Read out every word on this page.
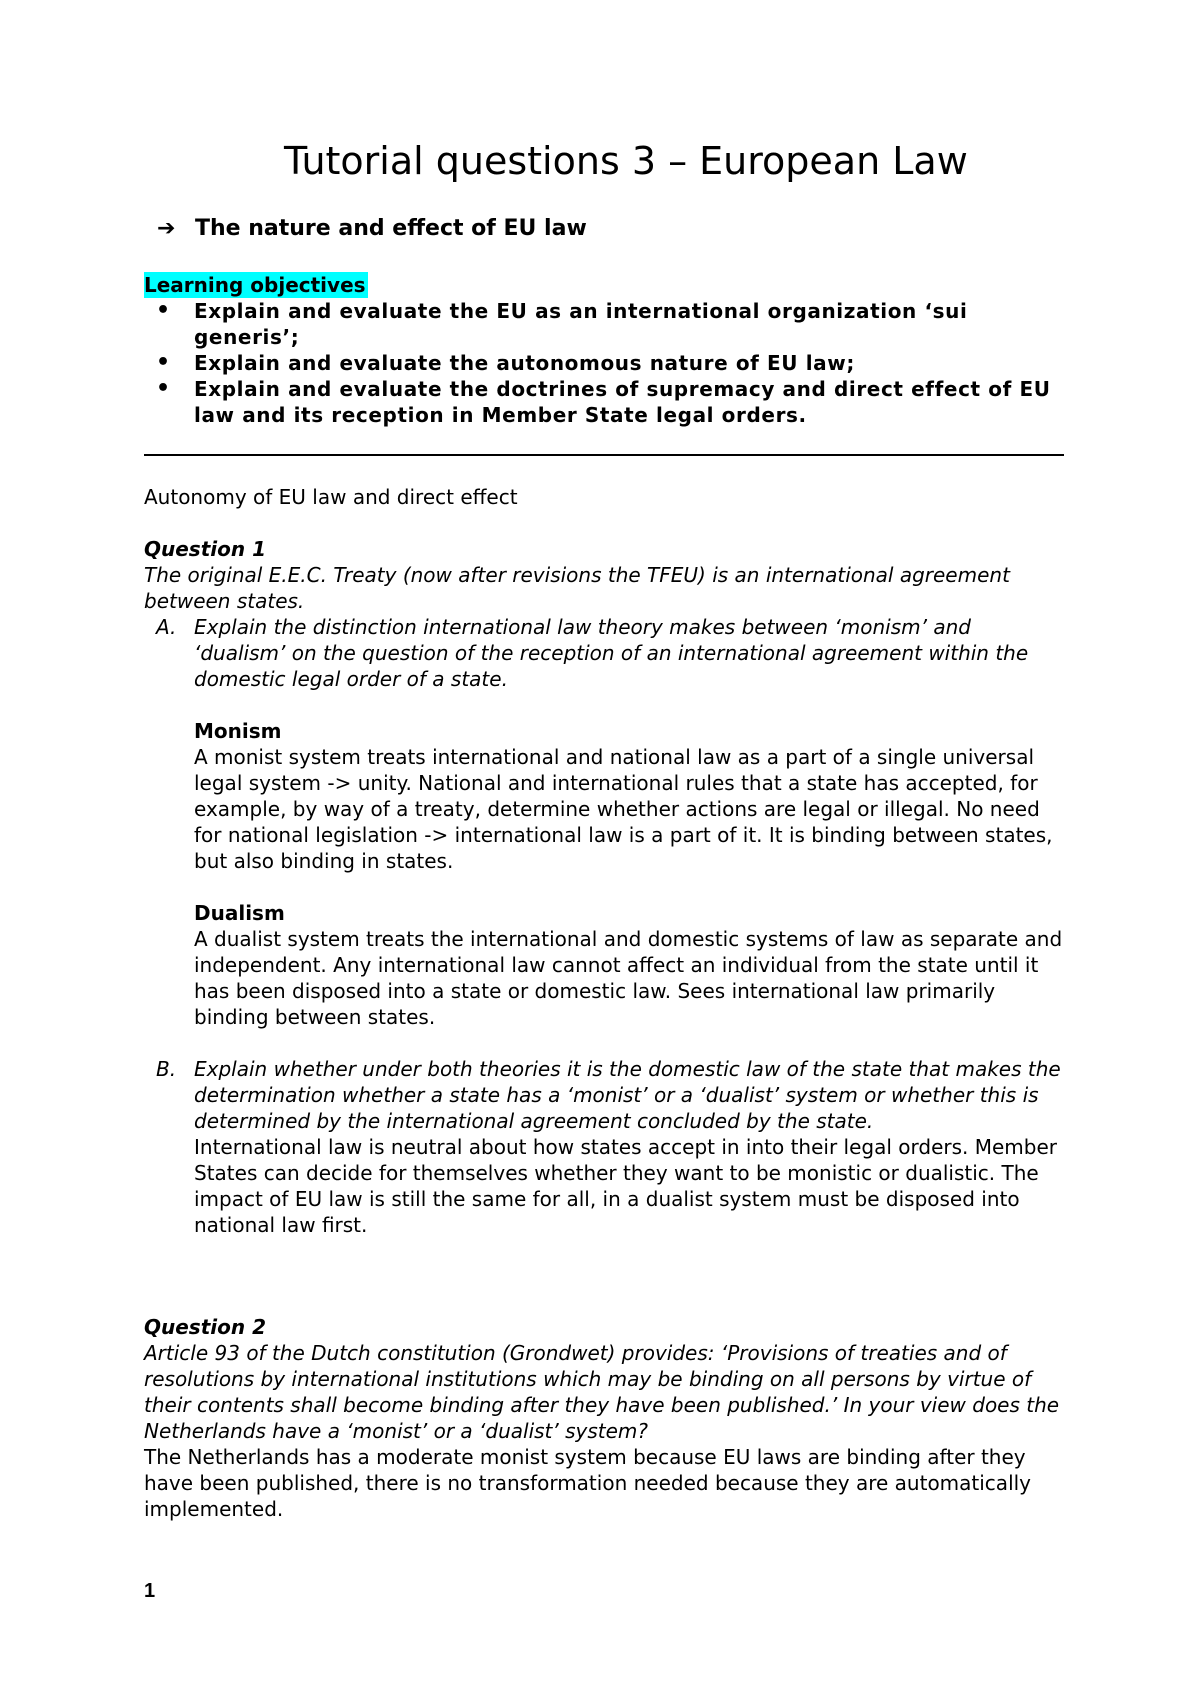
Tutorial questions 3 – European Law
➔ The nature and effect of EU law
Learning objectives
• Explain and evaluate the EU as an international organization ‘sui generis’;
• Explain and evaluate the autonomous nature of EU law;
• Explain and evaluate the doctrines of supremacy and direct effect of EU law and its reception in Member State legal orders.
Autonomy of EU law and direct effect
Question 1
The original E.E.C. Treaty (now after revisions the TFEU) is an international agreement between states.
A. Explain the distinction international law theory makes between ‘monism’ and ‘dualism’ on the question of the reception of an international agreement within the domestic legal order of a state.
Monism
A monist system treats international and national law as a part of a single universal legal system -> unity. National and international rules that a state has accepted, for example, by way of a treaty, determine whether actions are legal or illegal. No need for national legislation -> international law is a part of it. It is binding between states, but also binding in states.
Dualism
A dualist system treats the international and domestic systems of law as separate and independent. Any international law cannot affect an individual from the state until it has been disposed into a state or domestic law. Sees international law primarily binding between states.
B. Explain whether under both theories it is the domestic law of the state that makes the determination whether a state has a ‘monist’ or a ‘dualist’ system or whether this is determined by the international agreement concluded by the state.
International law is neutral about how states accept in into their legal orders. Member States can decide for themselves whether they want to be monistic or dualistic. The impact of EU law is still the same for all, in a dualist system must be disposed into national law first.
Question 2
Article 93 of the Dutch constitution (Grondwet) provides: ‘Provisions of treaties and of resolutions by international institutions which may be binding on all persons by virtue of their contents shall become binding after they have been published.’ In your view does the Netherlands have a ‘monist’ or a ‘dualist’ system?
The Netherlands has a moderate monist system because EU laws are binding after they have been published, there is no transformation needed because they are automatically implemented.
1
